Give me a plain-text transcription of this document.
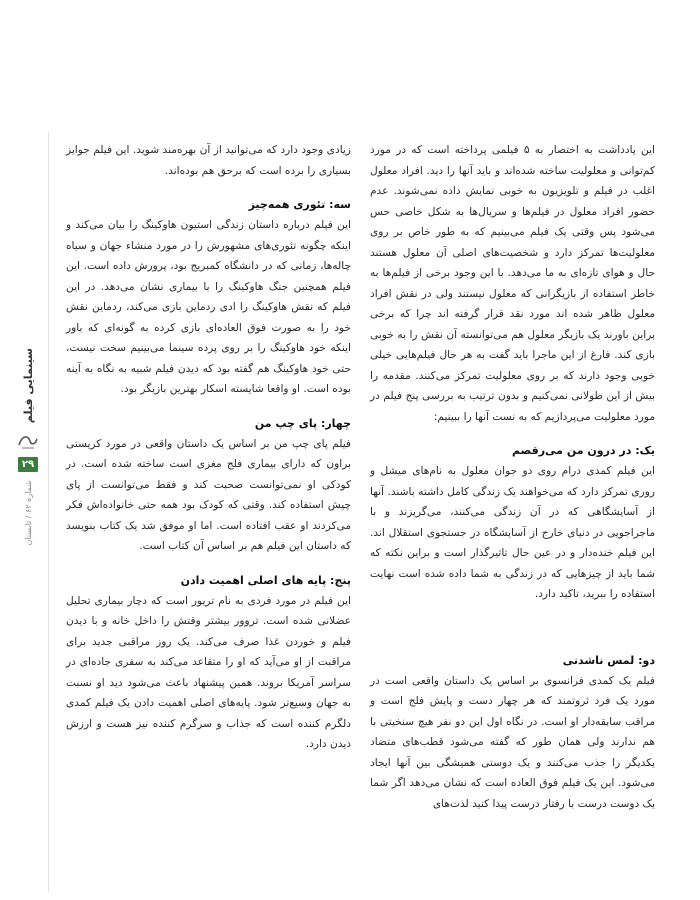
سینمایی فیلم
۲۹
شماره ۶۲ / تابستان

این یادداشت به اختصار به ۵ فیلمی پرداخته است که در مورد کم‌توانی و معلولیت ساخته شده‌اند و باید آنها را دید. افراد معلول اغلب در فیلم و تلویزیون به خوبی نمایش داده نمی‌شوند. عدم حضور افراد معلول در فیلم‌ها و سریال‌ها به شکل خاصی حس می‌شود پس وقتی یک فیلم می‌بینیم که به طور خاص بر روی معلولیت‌ها تمرکز دارد و شخصیت‌های اصلی آن معلول هستند حال و هوای تازه‌ای به ما می‌دهد. با این وجود برخی از فیلم‌ها به خاطر استفاده از بازیگرانی که معلول نیستند ولی در نقش افراد معلول ظاهر شده اند مورد نقد قرار گرفته اند چرا که برخی براین باورند یک بازیگر معلول هم می‌توانسته آن نقش را به خوبی بازی کند. فارغ از این ماجرا باید گفت به هر حال فیلم‌هایی خیلی خوبی وجود دارند که بر روی معلولیت تمرکز می‌کنند. مقدمه را بیش از این طولانی نمی‌کنیم و بدون ترتیب به بررسی پنج فیلم در مورد معلولیت می‌پردازیم که به نست آنها را ببینیم:

یک: در درون من می‌رقصم

این فیلم کمدی درام روی دو جوان معلول به نام‌های میشل و روری تمرکز دارد که می‌خواهند یک زندگی کامل داشته باشند. آنها از آسایشگاهی که در آن زندگی می‌کنند، می‌گریزند و با ماجراجویی در دنیای خارج از آسایشگاه در جستجوی استقلال اند. این فیلم خنده‌دار و در عین حال تاثیرگذار است و براین نکته که شما باید از چیزهایی که در زندگی به شما داده شده است نهایت استفاده را ببرید، تاکید دارد.

دو: لمس ناشدنی

فیلم یک کمدی فرانسوی بر اساس یک داستان واقعی است در مورد یک فرد ثروتمند که هر چهار دست و پایش فلج است و مراقب سابقه‌دار او است. در نگاه اول این دو نفر هیچ سنخیتی با هم ندارند ولی همان طور که گفته می‌شود قطب‌های متضاد یکدیگر را جذب می‌کنند و یک دوستی همیشگی بین آنها ایجاد می‌شود. این یک فیلم فوق العاده است که نشان می‌دهد اگر شما یک دوست درست با رفتار درست پیدا کنید لذت‌های

زیادی وجود دارد که می‌توانید از آن بهره‌مند شوید. این فیلم جوایز بسیاری را برده است که برحق هم بوده‌اند.

سه: تئوری همه‌چیز

این فیلم درباره داستان زندگی استیون هاوکینگ را بیان می‌کند و اینکه چگونه تئوری‌های مشهورش را در مورد منشاء جهان و سیاه چاله‌ها، زمانی که در دانشگاه کمبریج بود، پرورش داده است. این فیلم همچنین جنگ هاوکینگ را با بیماری نشان می‌دهد. در این فیلم که نقش هاوکینگ را ادی ردماین بازی می‌کند، ردماین نقش خود را به صورت فوق العاده‌ای بازی کرده به گونه‌ای که باور اینکه خود هاوکینگ را بر روی پرده سینما می‌بینیم سخت نیست، حتی خود هاوکینگ هم گفته بود که دیدن فیلم شبیه به نگاه به آینه بوده است. او واقعا شایسته اسکار بهترین بازیگر بود.

چهار: پای چپ من

فیلم پای چپ من بر اساس یک داستان واقعی در مورد کریستی براون که دارای بیماری فلج مغزی است ساخته شده است. در کودکی او نمی‌توانست صحبت کند و فقط می‌توانست از پای چپش استفاده کند. وقتی که کودک بود همه حتی خانواده‌اش فکر می‌کردند او عقب افتاده است. اما او موفق شد یک کتاب بنویسد که داستان این فیلم هم بر اساس آن کتاب است.

پنج: پایه های اصلی اهمیت دادن

این فیلم در مورد فردی به نام تریور است که دچار بیماری تحلیل عضلانی شده است. تروور بیشتر وقتش را داخل خانه و با دیدن فیلم و خوردن غذا صرف می‌کند. یک روز مراقبی جدید برای مراقبت از او می‌آید که او را متقاعد می‌کند به سفری جاده‌ای در سراسر آمریکا بروند. همین پیشنهاد باعث می‌شود دید او نسبت به جهان وسیع‌تر شود. پایه‌های اصلی اهمیت دادن یک فیلم کمدی دلگرم کننده است که جذاب و سرگرم کننده نیز هست و ارزش دیدن دارد.
